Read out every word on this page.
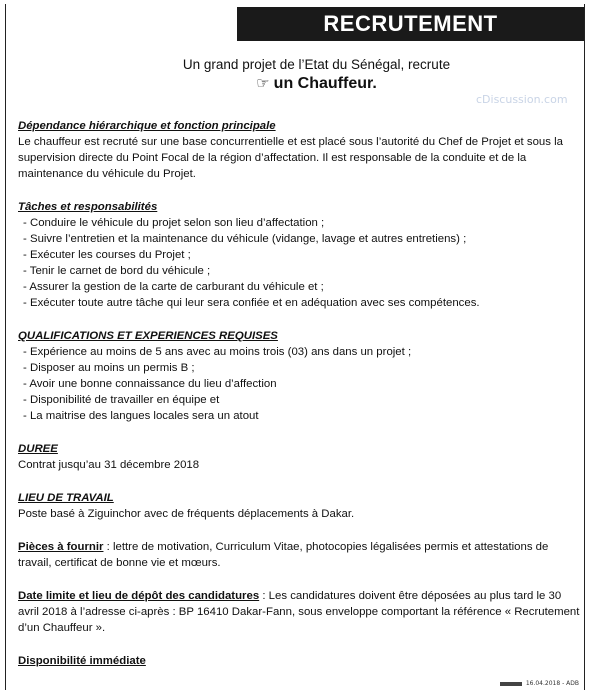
RECRUTEMENT
Un grand projet de l’Etat du Sénégal, recrute
☞ un Chauffeur.
cDiscussion.com
Dépendance hiérarchique et fonction principale

Le chauffeur est recruté sur une base concurrentielle et est placé sous l’autorité du Chef de Projet et sous la supervision directe du Point Focal de la région d’affectation. Il est responsable de la conduite et de la maintenance du véhicule du Projet.

Tâches et responsabilités
- Conduire le véhicule du projet selon son lieu d’affectation ;
- Suivre l’entretien et la maintenance du véhicule (vidange, lavage et autres entretiens) ;
- Exécuter les courses du Projet ;
- Tenir le carnet de bord du véhicule ;
- Assurer la gestion de la carte de carburant du véhicule et ;
- Exécuter toute autre tâche qui leur sera confiée et en adéquation avec ses compétences.
QUALIFICATIONS ET EXPERIENCES REQUISES
- Expérience au moins de 5 ans avec au moins trois (03) ans dans un projet ;
- Disposer au moins un permis B ;
- Avoir une bonne connaissance du lieu d’affection
- Disponibilité de travailler en équipe et
- La maitrise des langues locales sera un atout
DUREE

Contrat jusqu’au 31 décembre 2018

LIEU DE TRAVAIL

Poste basé à Ziguinchor avec de fréquents déplacements à Dakar.

Pièces à fournir : lettre de motivation, Curriculum Vitae, photocopies légalisées permis et attestations de travail, certificat de bonne vie et mœurs.

Date limite et lieu de dépôt des candidatures : Les candidatures doivent être déposées au plus tard le 30 avril 2018 à l’adresse ci-après : BP 16410 Dakar-Fann, sous enveloppe comportant la référence « Recrutement d’un Chauffeur ».

Disponibilité immédiate
16.04.2018 - ADB
